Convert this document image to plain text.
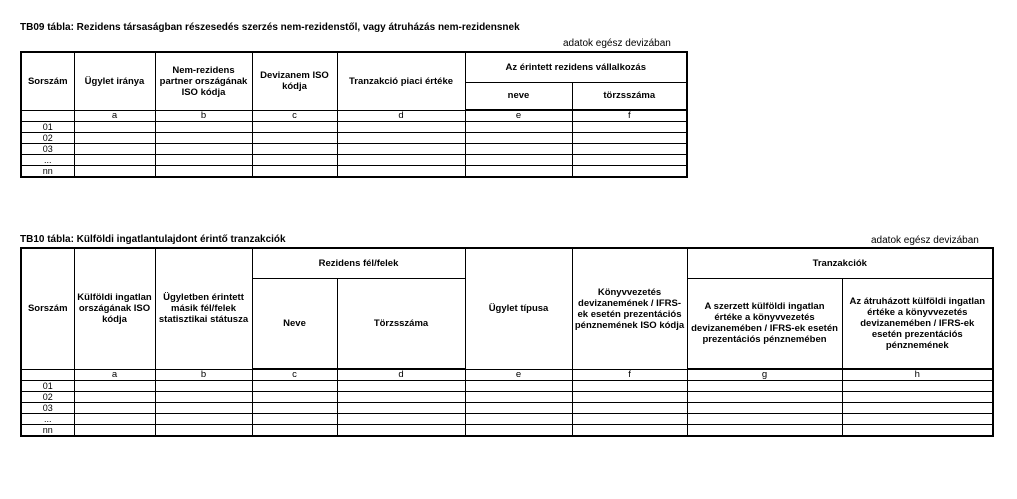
TB09 tábla: Rezidens társaságban részesedés szerzés nem-rezidenstől, vagy átruházás nem-rezidensnek
adatok egész devizában
Sorszám	Ügylet iránya	Nem-rezidens partner országának ISO kódja	Devizanem ISO kódja	Tranzakció piaci értéke	Az érintett rezidens vállalkozás	
					neve	törzsszáma
	a	b	c	d	e	f
01						
02						
03						
...						
nn						
TB10 tábla: Külföldi ingatlantulajdont érintő tranzakciók	adatok egész devizában
Sorszám	Külföldi ingatlan országának ISO kódja	Ügyletben érintett másik fél/felek statisztikai státusza	Rezidens fél/felek		Ügylet típusa	Könyvvezetés devizanemének / IFRS-ek esetén prezentációs pénznemének ISO kódja	Tranzakciók	
			Neve	Törzsszáma			A szerzett külföldi ingatlan értéke a könyvvezetés devizanemében / IFRS-ek esetén prezentációs pénznemében	Az átruházott külföldi ingatlan értéke a könyvvezetés devizanemében / IFRS-ek esetén prezentációs pénznemének
	a	b	c	d	e	f	g	h
01								
02								
03								
...								
nn								
